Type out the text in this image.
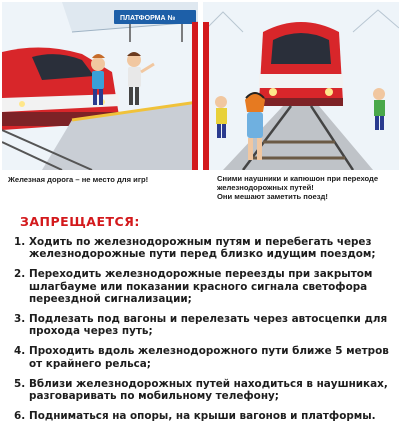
ПЛАТФОРМА №
Железная дорога – не место для игр!	Сними наушники и капюшон при переходе
железнодорожных путей!
Они мешают заметить поезд!
ЗАПРЕЩАЕТСЯ:
1. Ходить по железнодорожным путям и перебегать через железнодорожные пути перед близко идущим поездом;
2. Переходить железнодорожные переезды при закрытом шлагбауме или показании красного сигнала светофора переездной сигнализации;
3. Подлезать под вагоны и перелезать через автосцепки для прохода через путь;
4. Проходить вдоль железнодорожного пути ближе 5 метров от крайнего рельса;
5. Вблизи железнодорожных путей находиться в наушниках, разговаривать по мобильному телефону;
6. Подниматься на опоры, на крыши вагонов и платформы.
